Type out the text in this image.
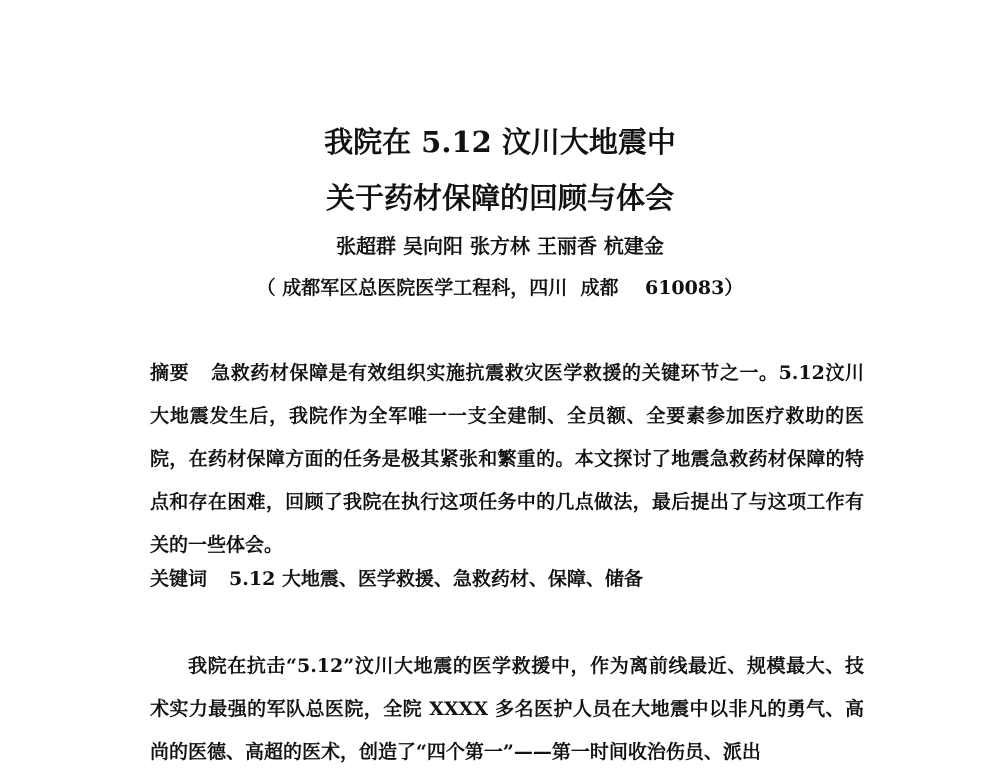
我院在 5.12 汶川大地震中
关于药材保障的回顾与体会
张超群 吴向阳 张方林 王丽香 杭建金
（ 成都军区总医院医学工程科，四川  成都    610083）
摘要 急救药材保障是有效组织实施抗震救灾医学救援的关键环节之一。5.12汶川大地震发生后，我院作为全军唯一一支全建制、全员额、全要素参加医疗救助的医院，在药材保障方面的任务是极其紧张和繁重的。本文探讨了地震急救药材保障的特点和存在困难，回顾了我院在执行这项任务中的几点做法，最后提出了与这项工作有关的一些体会。
关键词 5.12 大地震、医学救援、急救药材、保障、储备
我院在抗击“5.12”汶川大地震的医学救援中，作为离前线最近、规模最大、技术实力最强的军队总医院，全院 XXXX 多名医护人员在大地震中以非凡的勇气、高尚的医德、高超的医术，创造了“四个第一”——第一时间收治伤员、派出
